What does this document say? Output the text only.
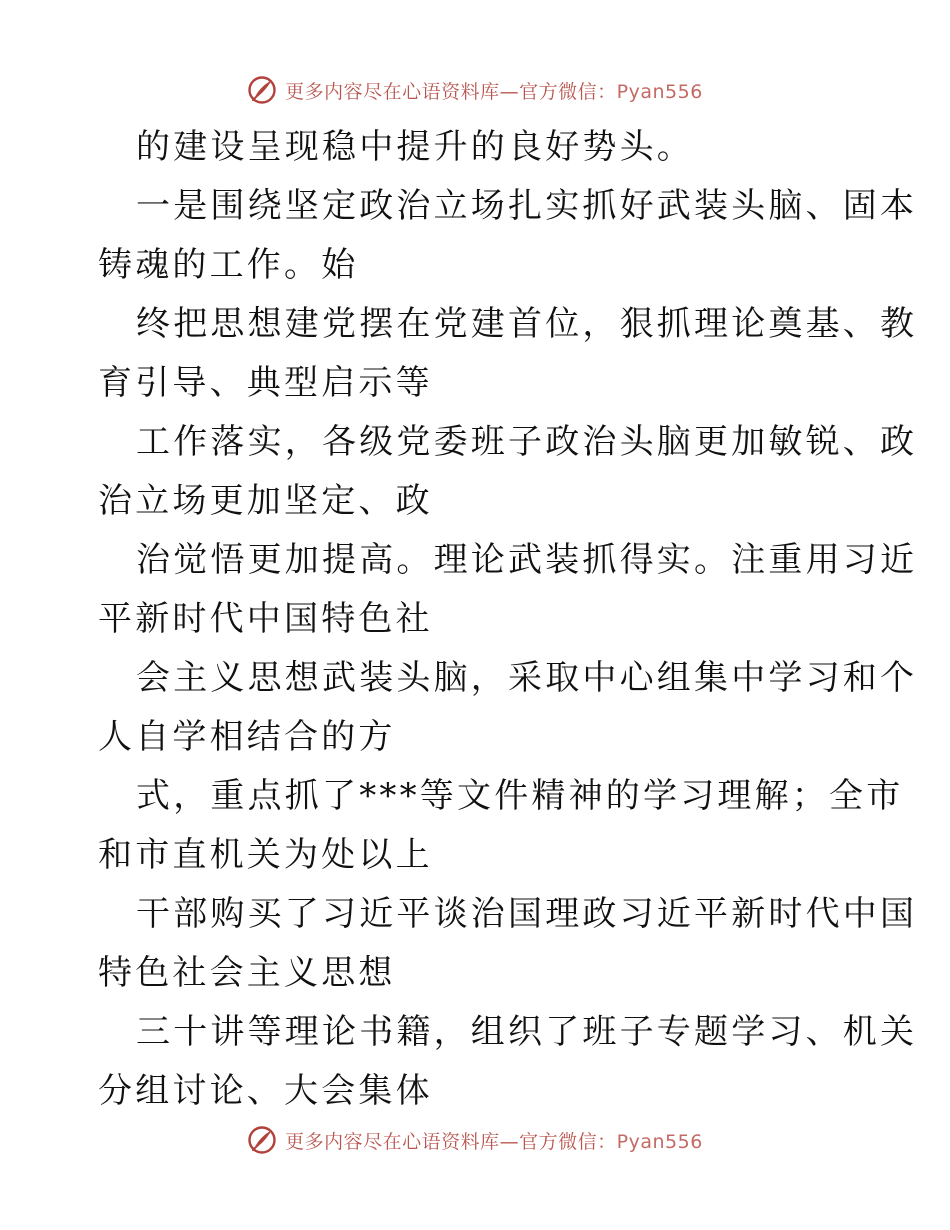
更多内容尽在心语资料库—官方微信：Pyan556
的建设呈现稳中提升的良好势头。
一是围绕坚定政治立场扎实抓好武装头脑、固本
铸魂的工作。始
终把思想建党摆在党建首位，狠抓理论奠基、教
育引导、典型启示等
工作落实，各级党委班子政治头脑更加敏锐、政
治立场更加坚定、政
治觉悟更加提高。理论武装抓得实。注重用习近
平新时代中国特色社
会主义思想武装头脑，采取中心组集中学习和个
人自学相结合的方
式，重点抓了***等文件精神的学习理解；全市
和市直机关为处以上
干部购买了习近平谈治国理政习近平新时代中国
特色社会主义思想
三十讲等理论书籍，组织了班子专题学习、机关
分组讨论、大会集体
更多内容尽在心语资料库—官方微信：Pyan556
